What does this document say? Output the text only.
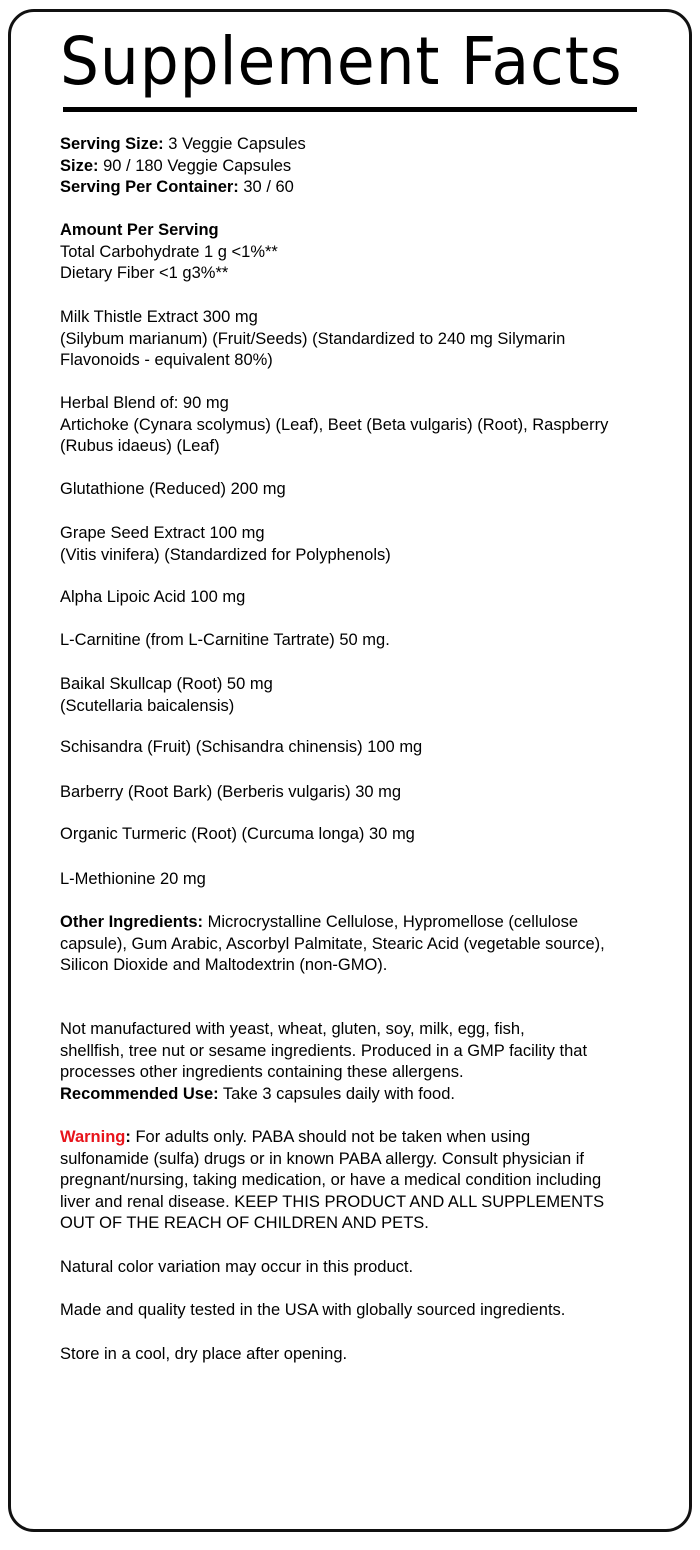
Supplement Facts
Serving Size: 3 Veggie Capsules
Size: 90 / 180 Veggie Capsules
Serving Per Container: 30 / 60
Amount Per Serving
Total Carbohydrate 1 g <1%**
Dietary Fiber <1 g3%**
Milk Thistle Extract 300 mg
(Silybum marianum) (Fruit/Seeds) (Standardized to 240 mg Silymarin
Flavonoids - equivalent 80%)
Herbal Blend of: 90 mg
Artichoke (Cynara scolymus) (Leaf), Beet (Beta vulgaris) (Root), Raspberry
(Rubus idaeus) (Leaf)
Glutathione (Reduced) 200 mg
Grape Seed Extract 100 mg
(Vitis vinifera) (Standardized for Polyphenols)
Alpha Lipoic Acid 100 mg
L-Carnitine (from L-Carnitine Tartrate) 50 mg.
Baikal Skullcap (Root) 50 mg
(Scutellaria baicalensis)
Schisandra (Fruit) (Schisandra chinensis) 100 mg
Barberry (Root Bark) (Berberis vulgaris) 30 mg
Organic Turmeric (Root) (Curcuma longa) 30 mg
L-Methionine 20 mg
Other Ingredients: Microcrystalline Cellulose, Hypromellose (cellulose
capsule), Gum Arabic, Ascorbyl Palmitate, Stearic Acid (vegetable source),
Silicon Dioxide and Maltodextrin (non-GMO).
Not manufactured with yeast, wheat, gluten, soy, milk, egg, fish,
shellfish, tree nut or sesame ingredients. Produced in a GMP facility that
processes other ingredients containing these allergens.
Recommended Use: Take 3 capsules daily with food.
Warning: For adults only. PABA should not be taken when using
sulfonamide (sulfa) drugs or in known PABA allergy. Consult physician if
pregnant/nursing, taking medication, or have a medical condition including
liver and renal disease. KEEP THIS PRODUCT AND ALL SUPPLEMENTS
OUT OF THE REACH OF CHILDREN AND PETS.
Natural color variation may occur in this product.
Made and quality tested in the USA with globally sourced ingredients.
Store in a cool, dry place after opening.
